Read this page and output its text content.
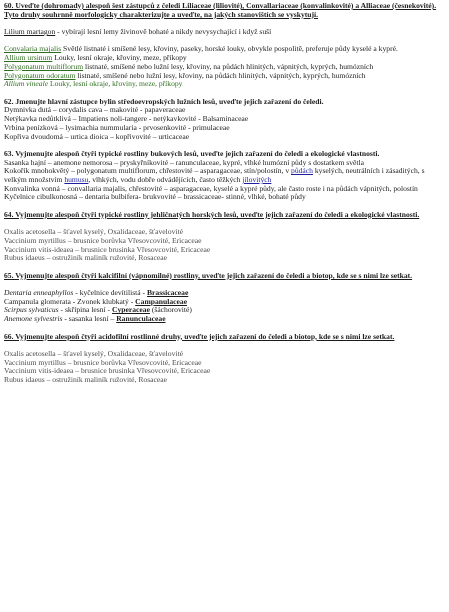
60. Uveďte (dohromady) alespoň šest zástupců z čeledi Liliaceae (liliovité), Convallariaceae (konvalinkovité) a Alliaceae (česnekovité). Tyto druhy souhrnně morfologicky charakterizujte a uveďte, na jakých stanovištích se vyskytují.

Lilium martagon - vybírají lesní lemy živinově bohaté a nikdy nevysychající i když suší

Convalaria majalis Světlé listnaté i smíšené lesy, křoviny, paseky, horské louky, obvykle pospolitě, preferuje půdy kyselé a kypré.

Allium ursinum Louky, lesní okraje, křoviny, meze, příkopy

Polygonatum multiflorum listnaté, smíšené nebo lužní lesy, křoviny, na půdách hlinitých, vápnitých, kyprých, humózních

Polygonatum odoratum listnaté, smíšené nebo lužní lesy, křoviny, na půdách hlinitých, vápnitých, kyprých, humózních

Allium vineale Louky, lesní okraje, křoviny, meze, příkopy

62. Jmenujte hlavní zástupce bylin středoevropských lužních lesů, uveďte jejich zařazení do čeledi.

Dymnivka dutá – corydalis cava – makovité - papaveraceae

Netýkavka nedůtklivá – Impatiens noli-tangere - netýkavkovité - Balsaminaceae

Vrbina penízková – lysimachia nummularia - prvosenkovité - primulaceae

Kopřiva dvoudomá – urtica dioica – kopřivovité – urticaceae

63. Vyjmenujte alespoň čtyři typické rostliny bukových lesů, uveďte jejich zařazení do čeledi a ekologické vlastnosti.

Sasanka hajní – anemone nemorosa – pryskyřníkovité – ranunculaceae, kypré, vlhké humózní půdy s dostatkem světla

Kokořík mnohokvětý – polygonatum multiflorum, chřestovité – asparagaceae, stín/polostín, v půdách kyselých, neutrálních i zásaditých, s velkým množstvím humusu, vlhkých, vodu dobře odvádějících, často těžkých jílovitých

Konvalinka vonná – convallaria majalis, chřestovité – asparagaceae, kyselé a kypré půdy, ale často roste i na půdách vápnitých, polostín

Kyčelnice cibulkonosná – dentaria bulbifera- brukvovité – brassicaceae- stinné, vlhké, bohaté půdy

64. Vyjmenujte alespoň čtyři typické rostliny jehličnatých horských lesů, uveďte jejich zařazení do čeledi a ekologické vlastnosti.

Oxalis acetosella – šťavel kyselý, Oxalidaceae, šťavelovité

Vaccinium myrtillus – brusnice borůvka Vřesovcovité, Ericaceae

Vaccinium vitis-ideaea – brusnice brusinka Vřesovcovité, Ericaceae

Rubus idaeus – ostružiník maliník ružovité, Rosaceae

65. Vyjmenujte alespoň čtyři kalcifilní (vápnomilné) rostliny, uveďte jejich zařazení do čeledi a biotop, kde se s nimi lze setkat.

Dentaria enneaphyllos - kyčelnice devítilistá - Brassicaceae

Campanula glomerata - Zvonek klubkatý - Campanulaceae

Scirpus sylvaticus - skřípina lesní - Cyperaceae (šáchorovité)

Anemone sylvestris - sasanka lesní – Ranunculaceae

66. Vyjmenujte alespoň čtyři acidofilní rostlinné druhy, uveďte jejich zařazení do čeledi a biotop, kde se s nimi lze setkat.

Oxalis acetosella – šťavel kyselý, Oxalidaceae, šťavelovité

Vaccinium myrtillus – brusnice borůvka Vřesovcovité, Ericaceae

Vaccinium vitis-ideaea – brusnice brusinka Vřesovcovité, Ericaceae

Rubus idaeus – ostružiník maliník ružovité, Rosaceae
